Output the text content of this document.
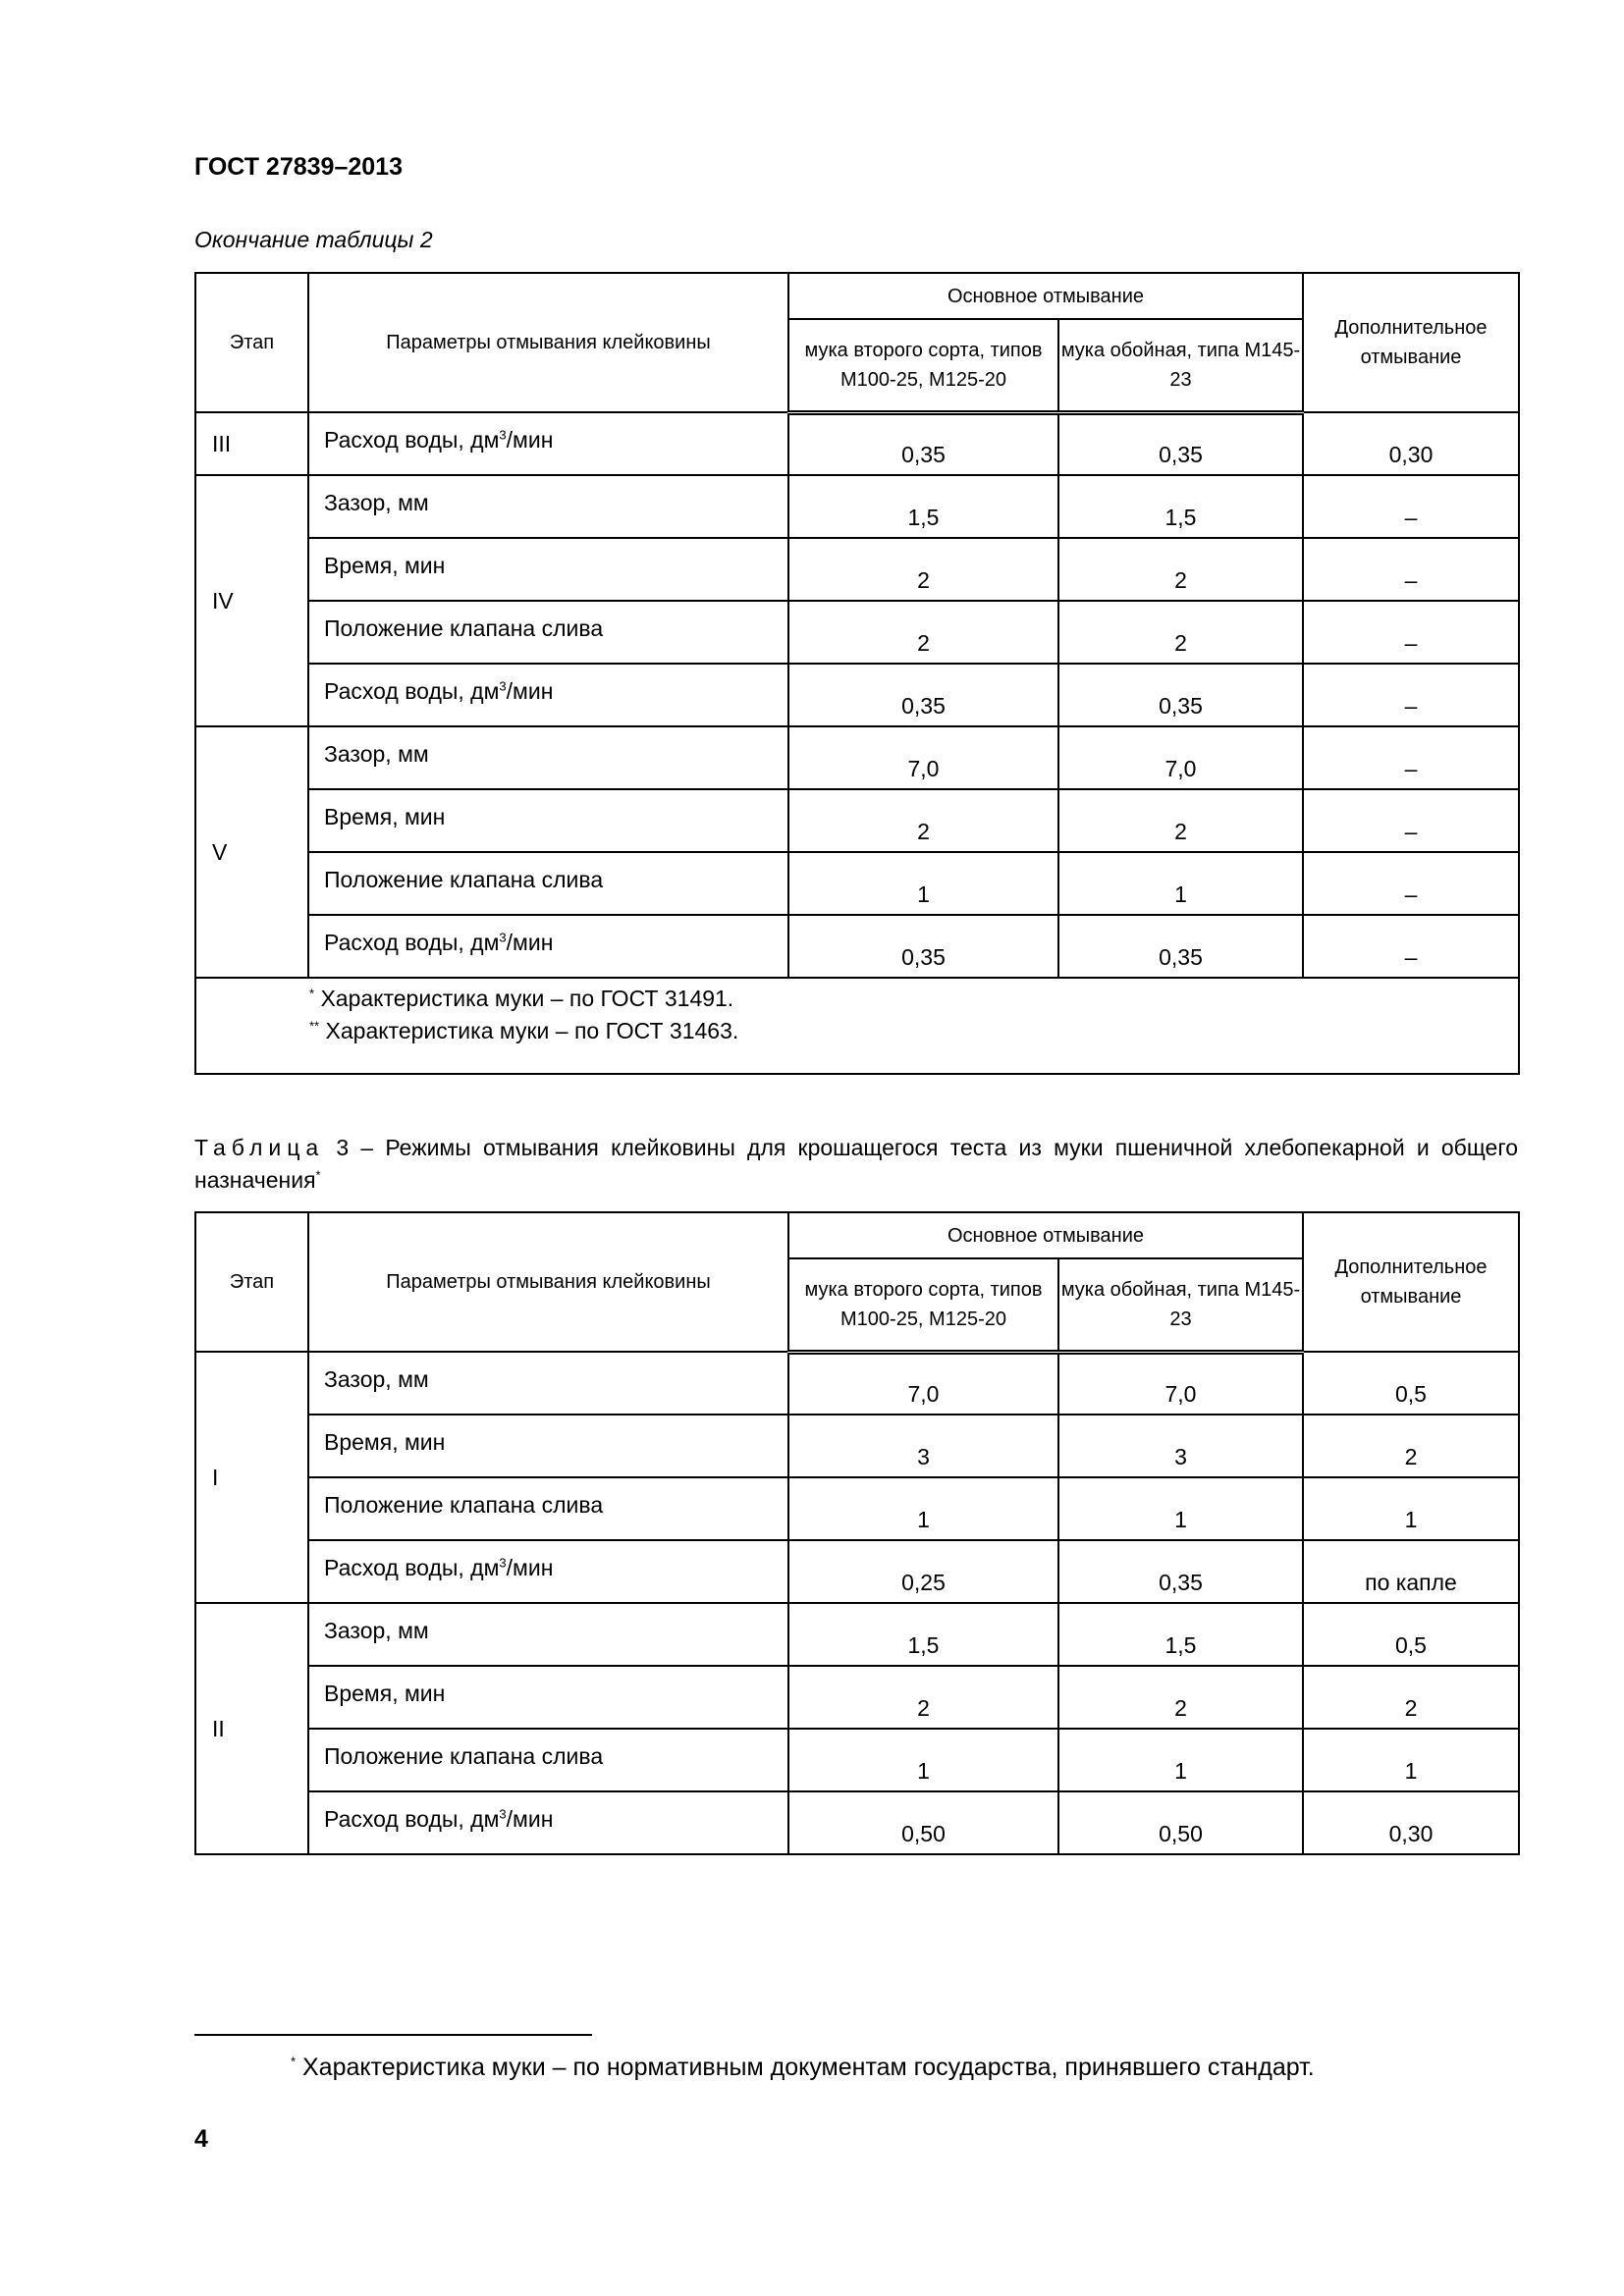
ГОСТ 27839–2013
Окончание таблицы 2
Этап	Параметры отмывания клейковины	Основное отмывание		Дополнительное отмывание
		мука второго сорта, типов М100-25, М125-20	мука обойная, типа М145-23	
III	Расход воды, $дм^3$/мин	0,35	0,35	0,30
IV	Зазор, мм	1,5	1,5	–
	Время, мин	2	2	–
	Положение клапана слива	2	2	–
	Расход воды, $дм^3$/мин	0,35	0,35	–
V	Зазор, мм	7,0	7,0	–
	Время, мин	2	2	–
	Положение клапана слива	1	1	–
	Расход воды, $дм^3$/мин	0,35	0,35	–

* Характеристика муки – по ГОСТ 31491.
** Характеристика муки – по ГОСТ 31463.				
Таблица 3 – Режимы отмывания клейковины для крошащегося теста из муки пшеничной хлебопекарной и общего назначения*
Этап	Параметры отмывания клейковины	Основное отмывание		Дополнительное отмывание
		мука второго сорта, типов М100-25, М125-20	мука обойная, типа М145-23	
I	Зазор, мм	7,0	7,0	0,5
	Время, мин	3	3	2
	Положение клапана слива	1	1	1
	Расход воды, $дм^3$/мин	0,25	0,35	по капле
II	Зазор, мм	1,5	1,5	0,5
	Время, мин	2	2	2
	Положение клапана слива	1	1	1
	Расход воды, $дм^3$/мин	0,50	0,50	0,30
* Характеристика муки – по нормативным документам государства, принявшего стандарт.
4
